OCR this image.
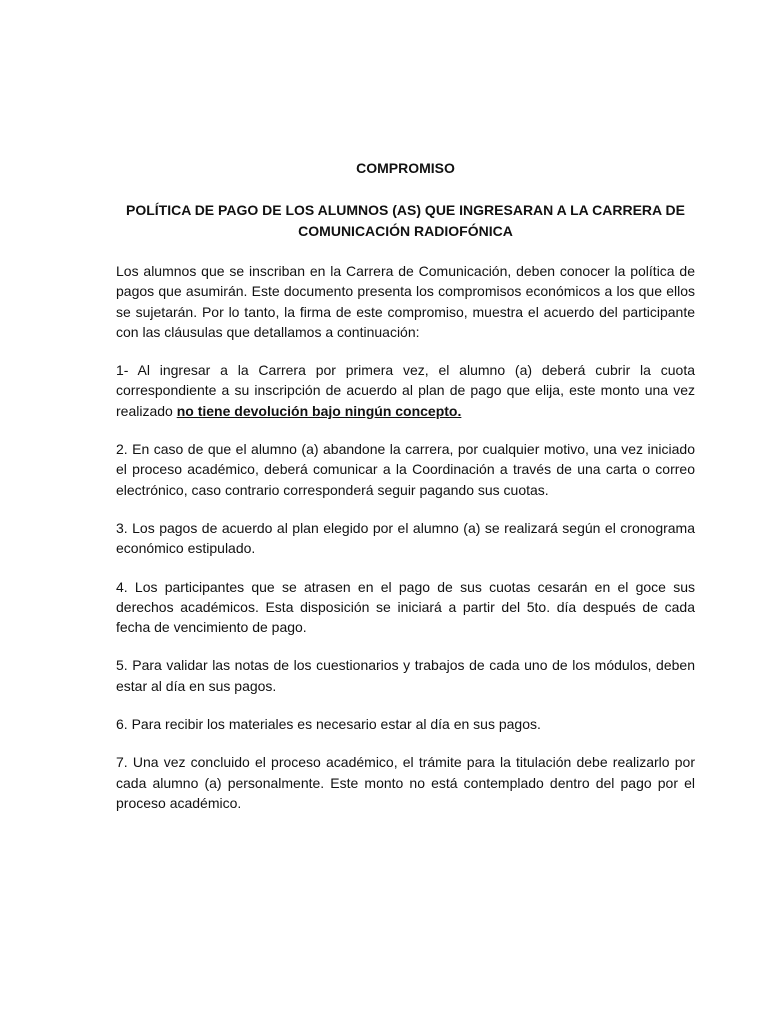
COMPROMISO

POLÍTICA DE PAGO DE LOS ALUMNOS (AS) QUE INGRESARAN A LA CARRERA DE COMUNICACIÓN RADIOFÓNICA

Los alumnos que se inscriban en la Carrera de Comunicación, deben conocer la política de pagos que asumirán. Este documento presenta los compromisos económicos a los que ellos se sujetarán. Por lo tanto, la firma de este compromiso, muestra el acuerdo del participante con las cláusulas que detallamos a continuación:

1- Al ingresar a la Carrera por primera vez, el alumno (a) deberá cubrir la cuota correspondiente a su inscripción de acuerdo al plan de pago que elija, este monto una vez realizado no tiene devolución bajo ningún concepto.

2. En caso de que el alumno (a) abandone la carrera, por cualquier motivo, una vez iniciado el proceso académico, deberá comunicar a la Coordinación a través de una carta o correo electrónico, caso contrario corresponderá seguir pagando sus cuotas.

3. Los pagos de acuerdo al plan elegido por el alumno (a) se realizará según el cronograma económico estipulado.

4. Los participantes que se atrasen en el pago de sus cuotas cesarán en el goce sus derechos académicos. Esta disposición se iniciará a partir del 5to. día después de cada fecha de vencimiento de pago.

5. Para validar las notas de los cuestionarios y trabajos de cada uno de los módulos, deben estar al día en sus pagos.

6. Para recibir los materiales es necesario estar al día en sus pagos.

7. Una vez concluido el proceso académico, el trámite para la titulación debe realizarlo por cada alumno (a) personalmente. Este monto no está contemplado dentro del pago por el proceso académico.
